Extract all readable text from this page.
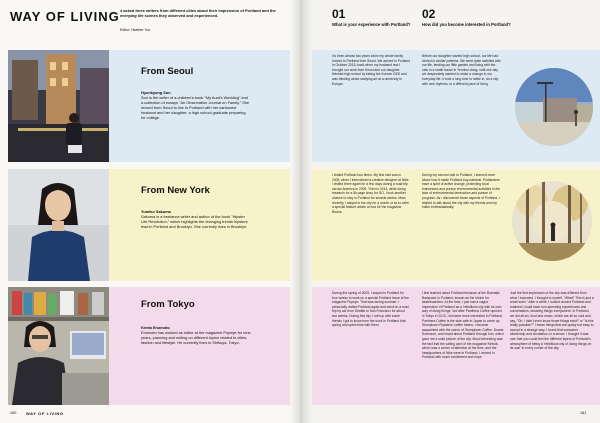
WAY OF LIVING 4 asked three writers from different cities about their impression of Portland and the everyday life scenes they observed and experienced.
Editor: Heather Yoo
01
What is your experience with Portland?
02
How did you become interested in Portland?
From Seoul
Hyunkyung Son
Son is the writer of a children's book "My Aunt's Wedding" and a collection of essays "An Observation Journal on Family." She moved from Seoul to live in Portland with her cartoonist husband and her daughter, a high school graduate preparing for college.
It's been almost two years since my whole family moved to Portland from Seoul. We arrived in Portland in October 2015, back when my husband and I brought our work from Seoul and our daughter finished high school by taking the Korean GED and was thinking about studying art at a university in Europe.
Before our daughter started high school, our life had circled in similar patterns. We were quite satisfied with our life, tending our little garden and living with the cats in a small house in Yeonhui-dong, until one day we desperately wanted to make a change in our everyday life. It took a long time to settle in, as a city with new rhythms, to a different pace of living.
From New York
Yumiko Sakuma
Sakuma is a freelance writer and author of the book "Hipster Life Revolution," which highlights the changing trends hipsters lead in Portland and Brooklyn. She currently lives in Brooklyn.
I visited Portland four times. My first visit was in 2008, when I interviewed a creative designer at Nike. I visited there again for a few days during a road trip across America in 2009. Then in 2014, while doing research for a 5k page story for GO, I took another chance to stay in Portland for several weeks. Most recently, I stayed in the city for a month or so to write a special feature article on tea for the magazine Brutus.
During my second visit to Portland, I learned more about how it made Portland buy-national. Portlanders have a spirit of active change, protecting local businesses and pursue environmental activities in the face of environmental destruction and pursue of progress. As I discovered those aspects of Portland, I started to talk about the city with my friends and my editor enthusiastically.
From Tokyo
Kenta Enomoto
Enomoto has worked as editor at the magazine Popeye for nine years, planning and writing on different topics related to cities, fashion and lifestyle. He currently lives in Shibuya, Tokyo.
During the spring of 2009, I stayed in Portland for four weeks to work on a special Portland issue of the magazine Popeye. That was during summer. I personally visited Portland again and went on a road trip by car from Seattle to San Francisco for about two weeks. During this trip, I met up with some friends I got to know from the work in Portland that spring and spent time with them.
I first learned about Portland because of the Buenaits Backpack in Portland, known as the shrine for skateboarders. At the time, I just had a vague impression of Portland as a 'rebellious city with its own way of doing things,' but after Panthera Coffee opened in Tokyo in 2013, I became more interested in Portland. Panthera Coffee is the side cafe in Japan to come up Stumptown Roasters' coffee beans. I became acquainted with the owner of Stumptown Coffee, Duane Sorenson, and heard about Portland through him, which gave me a solid picture of the city. Most interesting was the fact that the calling card of the magazine Kinfolk, which was a center of attention at the time, and the headquarters of Nike were in Portland. I arrived in Portland with much excitement and hope.
Just the first impression of the city was different from what I expected. I thought to myself, "What? This is just a small town." After a while, I looked around Portland and realized I could have non-spending experiences and conversation, amazing things everywhere. In Portland, we did all art, food and music, which are all so cool and say, "Oh, I didn't even know those things exist!" or "Is this really possible?" I mean things that are quirky but easy to accept in a strange way. I found that consumer citizenship and circulation, in a sense. I thought it was rare that you could feel the different layers of Portland's atmosphere of being a 'rebellious city of doing things on its own' in every corner of the city.
160 WAY OF LIVING	161
